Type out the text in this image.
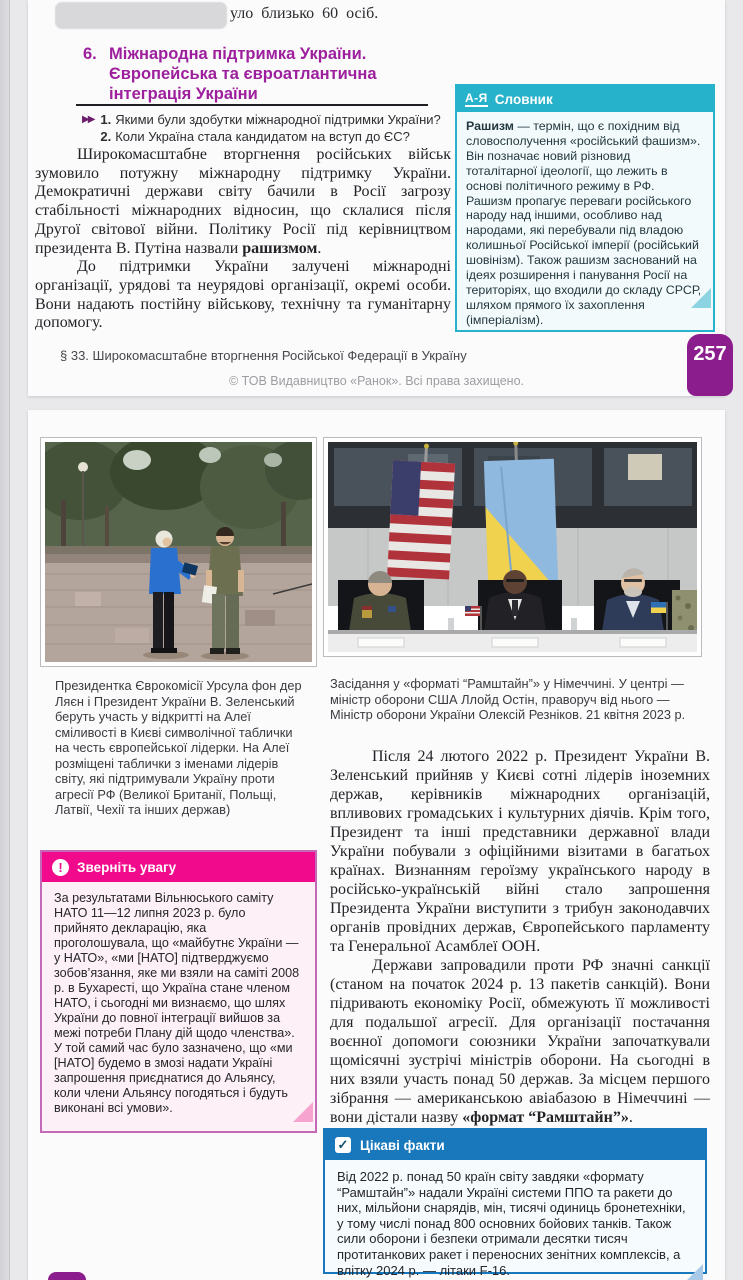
уло близько 60 осіб.
6. Міжнародна підтримка України.
Європейська та євроатлантична
інтеграція України
▶▶ 1. Якими були здобутки міжнародної підтримки України?
2. Коли Україна стала кандидатом на вступ до ЄС?

Широкомасштабне вторгнення російських військ зумовило потужну міжнародну підтримку України. Демократичні держави світу бачили в Росії загрозу стабільності міжнародних відносин, що склалися після Другої світової війни. Політику Росії під керівництвом президента В. Путіна назвали рашизмом.

До підтримки України залучені міжнародні організації, урядові та неурядові організації, окремі особи. Вони надають постійну військову, технічну та гуманітарну допомогу.

А-Я Словник
Рашизм — термін, що є похідним від словосполучення «російський фашизм». Він позначає новий різновид тоталітарної ідеології, що лежить в основі політичного режиму в РФ. Рашизм пропагує переваги російського народу над іншими, особливо над народами, які перебували під владою колишньої Російської імперії (російський шовінізм). Також рашизм заснований на ідеях розширення і панування Росії на територіях, що входили до складу СРСР, шляхом прямого їх захоплення (імперіалізм).
§ 33. Широкомасштабне вторгнення Російської Федерації в Україну	257
© ТОВ Видавництво «Ранок». Всі права захищено.
Президентка Єврокомісії Урсула фон дер Ляєн і Президент України В. Зеленський беруть участь у відкритті на Алеї сміливості в Києві символічної таблички на честь європейської лідерки. На Алеї розміщені таблички з іменами лідерів світу, які підтримували Україну проти агресії РФ (Великої Британії, Польщі, Латвії, Чехії та інших держав)
Засідання у «форматі “Рамштайн”» у Німеччині. У центрі — міністр оборони США Ллойд Остін, праворуч від нього — Міністр оборони України Олексій Резніков. 21 квітня 2023 р.

Після 24 лютого 2022 р. Президент України В. Зеленський прийняв у Києві сотні лідерів іноземних держав, керівників міжнародних організацій, впливових громадських і культурних діячів. Крім того, Президент та інші представники державної влади України побували з офіційними візитами в багатьох країнах. Визнанням героїзму українського народу в російсько-українській війні стало запрошення Президента України виступити з трибун законодавчих органів провідних держав, Європейського парламенту та Генеральної Асамблеї ООН.

Держави запровадили проти РФ значні санкції (станом на початок 2024 р. 13 пакетів санкцій). Вони підривають економіку Росії, обмежують її можливості для подальшої агресії. Для організації постачання воєнної допомоги союзники України започаткували щомісячні зустрічі міністрів оборони. На сьогодні в них взяли участь понад 50 держав. За місцем першого зібрання — американською авіабазою в Німеччині — вони дістали назву «формат “Рамштайн”».

!	Зверніть увагу
За результатами Вільнюського саміту НАТО 11—12 липня 2023 р. було прийнято декларацію, яка проголошувала, що «майбутнє України — у НАТО», «ми [НАТО] підтверджуємо зобов’язання, яке ми взяли на саміті 2008 р. в Бухаресті, що Україна стане членом НАТО, і сьогодні ми визнаємо, що шлях України до повної інтеграції вийшов за межі потреби Плану дій щодо членства». У той самий час було зазначено, що «ми [НАТО] будемо в змозі надати Україні запрошення приєднатися до Альянсу, коли члени Альянсу погодяться і будуть виконані всі умови».
✓ Цікаві факти
Від 2022 р. понад 50 країн світу завдяки «формату “Рамштайн”» надали Україні системи ППО та ракети до них, мільйони снарядів, мін, тисячі одиниць бронетехніки, у тому числі понад 800 основних бойових танків. Також сили оборони і безпеки отримали десятки тисяч протитанкових ракет і переносних зенітних комплексів, а влітку 2024 р. — літаки F-16.
